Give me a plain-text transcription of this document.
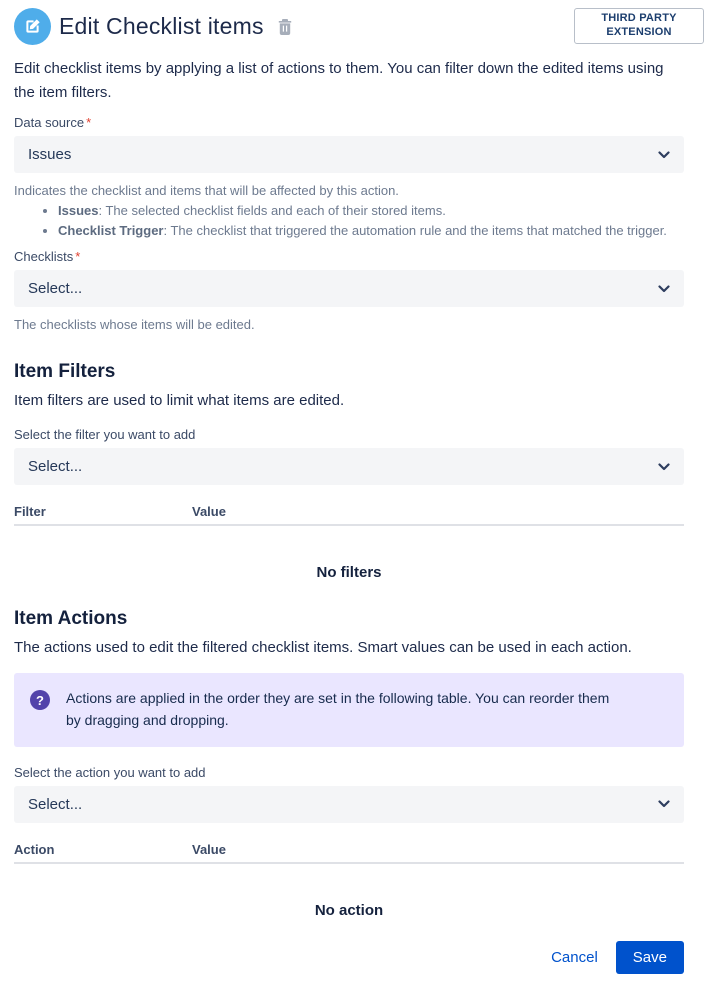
Edit Checklist items	THIRD PARTY EXTENSION

Edit checklist items by applying a list of actions to them. You can filter down the edited items using the item filters.

Data source *
Issues
Indicates the checklist and items that will be affected by this action.
• Issues: The selected checklist fields and each of their stored items.
• Checklist Trigger: The checklist that triggered the automation rule and the items that matched the trigger.
Checklists *
Select...
The checklists whose items will be edited.
Item Filters

Item filters are used to limit what items are edited.

Select the filter you want to add
Select...
Filter	Value
No filters
Item Actions

The actions used to edit the filtered checklist items. Smart values can be used in each action.

?	Actions are applied in the order they are set in the following table. You can reorder them by dragging and dropping.
Select the action you want to add
Select...
Action	Value
No action
Cancel	Save
